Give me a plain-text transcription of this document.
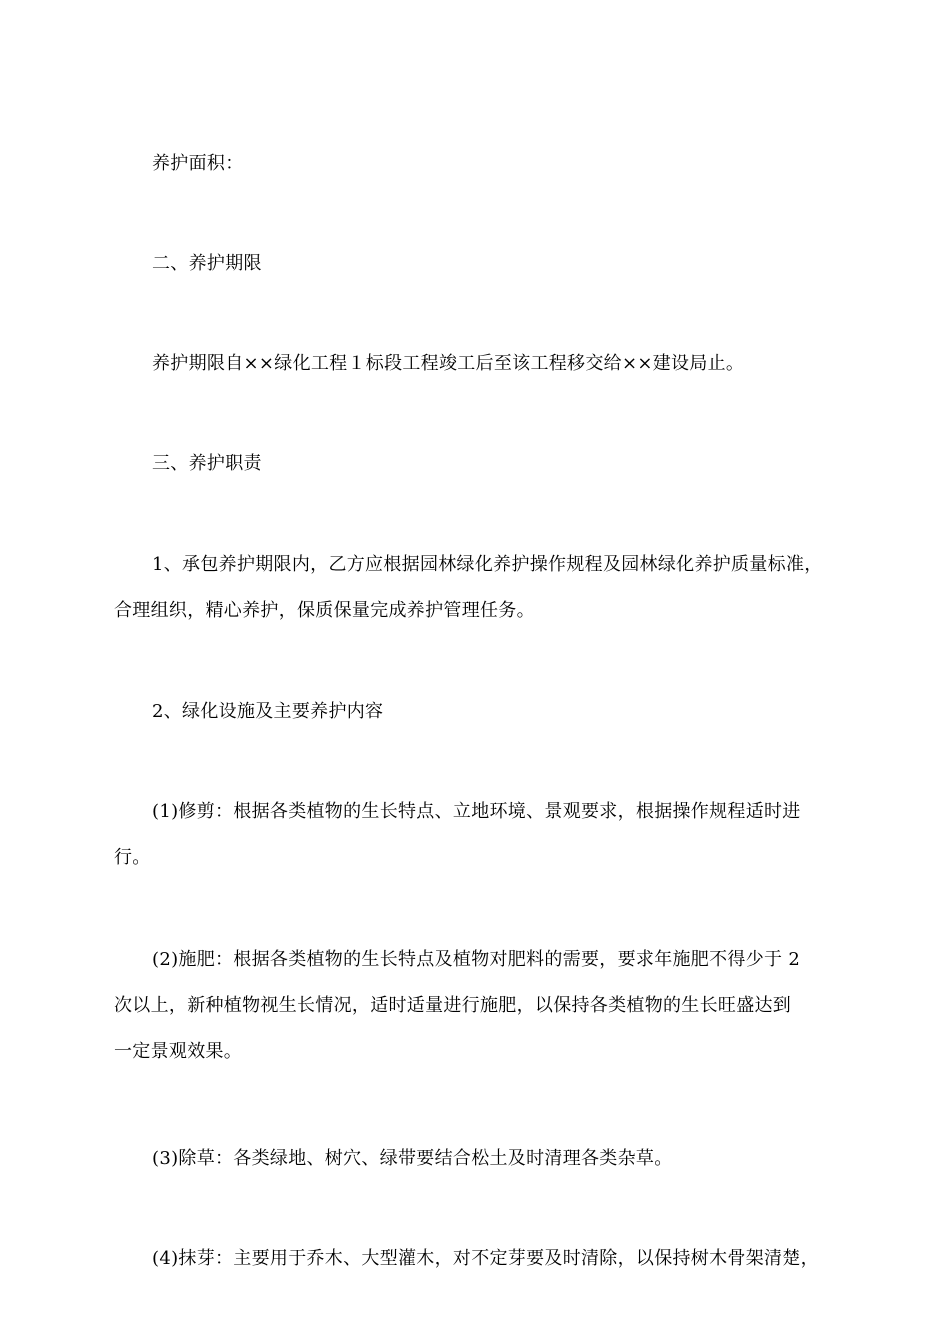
养护面积：

二、养护期限

养护期限自××绿化工程１标段工程竣工后至该工程移交给××建设局止。

三、养护职责

1、承包养护期限内，乙方应根据园林绿化养护操作规程及园林绿化养护质量标准，
合理组织，精心养护，保质保量完成养护管理任务。

2、绿化设施及主要养护内容

(1)修剪：根据各类植物的生长特点、立地环境、景观要求，根据操作规程适时进
行。

(2)施肥：根据各类植物的生长特点及植物对肥料的需要，要求年施肥不得少于 2
次以上，新种植物视生长情况，适时适量进行施肥，以保持各类植物的生长旺盛达到
一定景观效果。

(3)除草：各类绿地、树穴、绿带要结合松土及时清理各类杂草。

(4)抹芽：主要用于乔木、大型灌木，对不定芽要及时清除，以保持树木骨架清楚，
